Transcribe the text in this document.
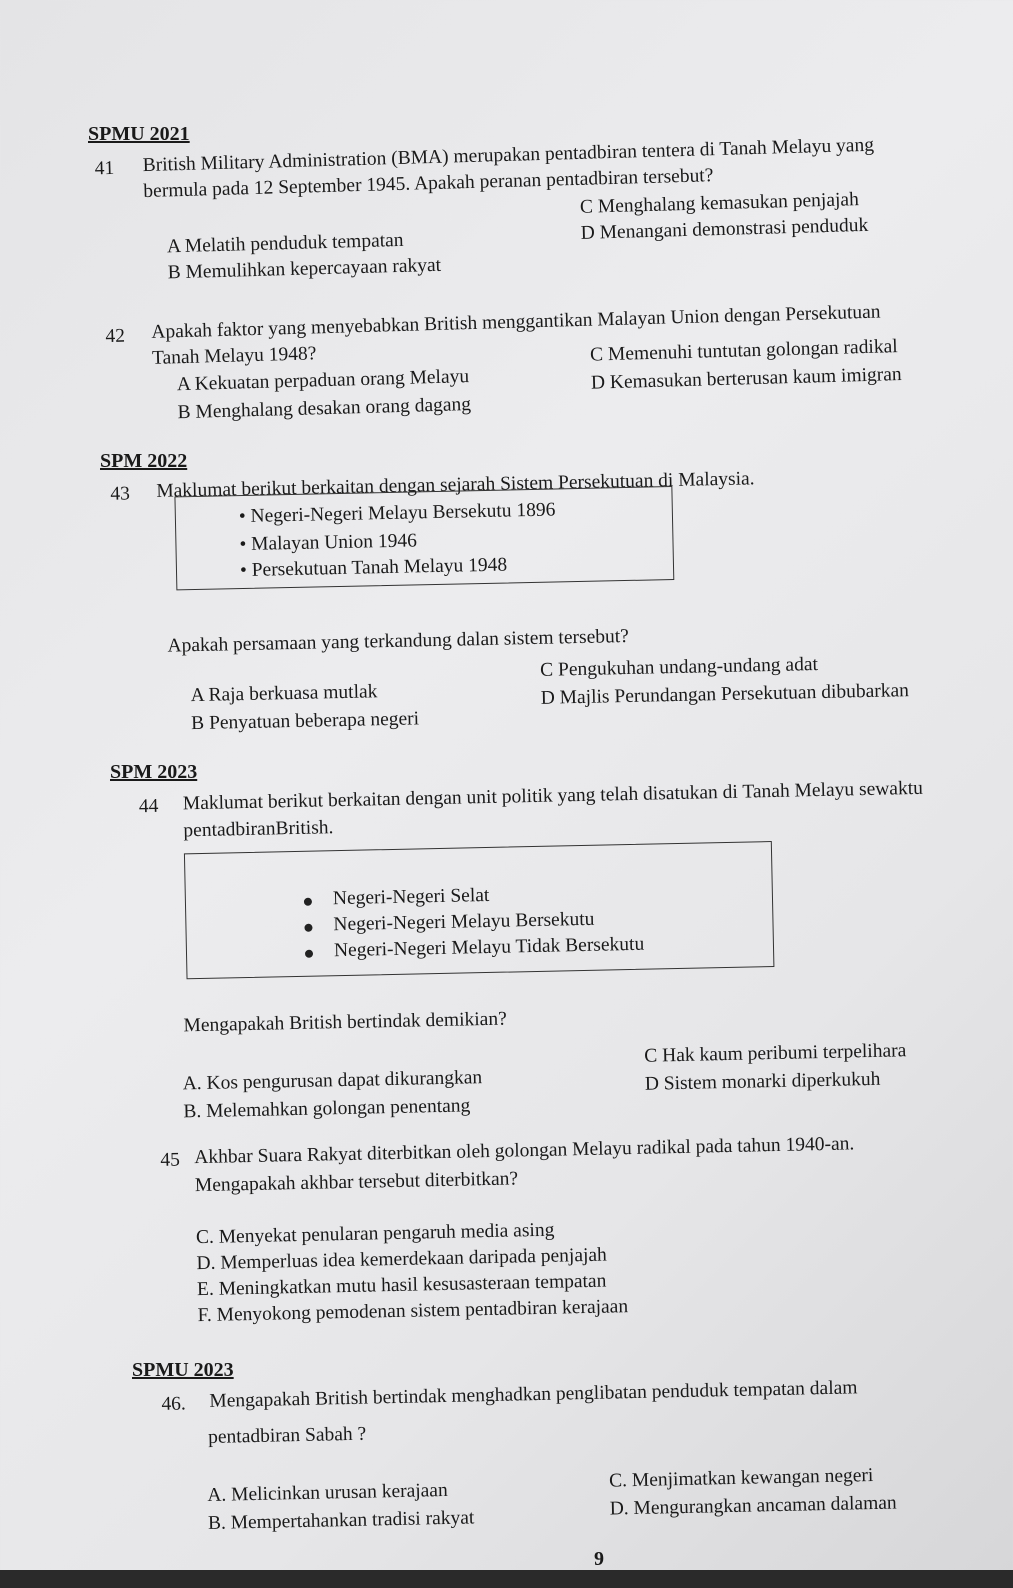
SPMU 2021
41 British Military Administration (BMA) merupakan pentadbiran tentera di Tanah Melayu yang
bermula pada 12 September 1945. Apakah peranan pentadbiran tersebut?
A Melatih penduduk tempatan
B Memulihkan kepercayaan rakyat
C Menghalang kemasukan penjajah
D Menangani demonstrasi penduduk
42 Apakah faktor yang menyebabkan British menggantikan Malayan Union dengan Persekutuan
Tanah Melayu 1948?
A Kekuatan perpaduan orang Melayu
B Menghalang desakan orang dagang
C Memenuhi tuntutan golongan radikal
D Kemasukan berterusan kaum imigran
SPM 2022
43 Maklumat berikut berkaitan dengan sejarah Sistem Persekutuan di Malaysia.
• Negeri-Negeri Melayu Bersekutu 1896
• Malayan Union 1946
• Persekutuan Tanah Melayu 1948
Apakah persamaan yang terkandung dalan sistem tersebut?
A Raja berkuasa mutlak
B Penyatuan beberapa negeri
C Pengukuhan undang-undang adat
D Majlis Perundangan Persekutuan dibubarkan
SPM 2023
44 Maklumat berikut berkaitan dengan unit politik yang telah disatukan di Tanah Melayu sewaktu
pentadbiranBritish.
Negeri-Negeri Selat
Negeri-Negeri Melayu Bersekutu
Negeri-Negeri Melayu Tidak Bersekutu
Mengapakah British bertindak demikian?
A. Kos pengurusan dapat dikurangkan
B. Melemahkan golongan penentang
C Hak kaum peribumi terpelihara
D Sistem monarki diperkukuh
45 Akhbar Suara Rakyat diterbitkan oleh golongan Melayu radikal pada tahun 1940-an.
Mengapakah akhbar tersebut diterbitkan?
C. Menyekat penularan pengaruh media asing
D. Memperluas idea kemerdekaan daripada penjajah
E. Meningkatkan mutu hasil kesusasteraan tempatan
F. Menyokong pemodenan sistem pentadbiran kerajaan
SPMU 2023
46. Mengapakah British bertindak menghadkan penglibatan penduduk tempatan dalam
pentadbiran Sabah ?
A. Melicinkan urusan kerajaan
B. Mempertahankan tradisi rakyat
C. Menjimatkan kewangan negeri
D. Mengurangkan ancaman dalaman
9
